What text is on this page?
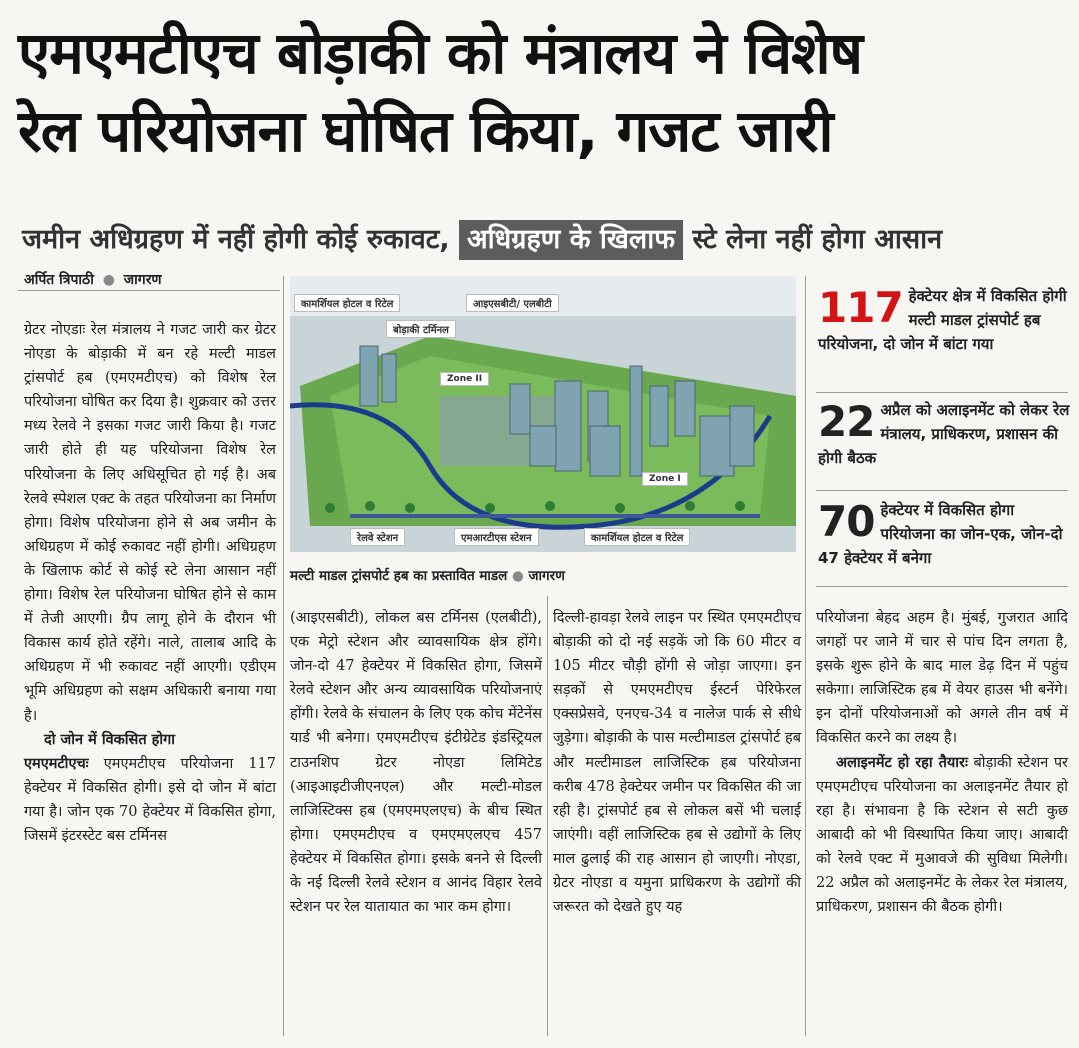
एमएमटीएच बोड़ाकी को मंत्रालय ने विशेष
रेल परियोजना घोषित किया, गजट जारी
जमीन अधिग्रहण में नहीं होगी कोई रुकावट, अधिग्रहण के खिलाफ स्टे लेना नहीं होगा आसान
अर्पित त्रिपाठी ● जागरण

ग्रेटर नोएडाः रेल मंत्रालय ने गजट जारी कर ग्रेटर नोएडा के बोड़ाकी में बन रहे मल्टी माडल ट्रांसपोर्ट हब (एमएमटीएच) को विशेष रेल परियोजना घोषित कर दिया है। शुक्रवार को उत्तर मध्य रेलवे ने इसका गजट जारी किया है। गजट जारी होते ही यह परियोजना विशेष रेल परियोजना के लिए अधिसूचित हो गई है। अब रेलवे स्पेशल एक्ट के तहत परियोजना का निर्माण होगा। विशेष परियोजना होने से अब जमीन के अधिग्रहण में कोई रुकावट नहीं होगी। अधिग्रहण के खिलाफ कोर्ट से कोई स्टे लेना आसान नहीं होगा। विशेष रेल परियोजना घोषित होने से काम में तेजी आएगी। ग्रैप लागू होने के दौरान भी विकास कार्य होते रहेंगे। नाले, तालाब आदि के अधिग्रहण में भी रुकावट नहीं आएगी। एडीएम भूमि अधिग्रहण को सक्षम अधिकारी बनाया गया है।

दो जोन में विकसित होगा

एमएमटीएचः एमएमटीएच परियोजना 117 हेक्टेयर में विकसित होगी। इसे दो जोन में बांटा गया है। जोन एक 70 हेक्टेयर में विकसित होगा, जिसमें इंटरस्टेट बस टर्मिनस

कामर्शियल होटल व रिटेल	आइएसबीटी/ एलबीटी
बोड़ाकी टर्मिनल
Zone II
Zone I
रेलवे स्टेशन	एमआरटीएस स्टेशन	कामर्शियल होटल व रिटेल
मल्टी माडल ट्रांसपोर्ट हब का प्रस्तावित माडल ● जागरण

(आइएसबीटी), लोकल बस टर्मिनस (एलबीटी), एक मेट्रो स्टेशन और व्यावसायिक क्षेत्र होंगे। जोन-दो 47 हेक्टेयर में विकसित होगा, जिसमें रेलवे स्टेशन और अन्य व्यावसायिक परियोजनाएं होंगी। रेलवे के संचालन के लिए एक कोच मेंटेनेंस यार्ड भी बनेगा। एमएमटीएच इंटीग्रेटेड इंडस्ट्रियल टाउनशिप ग्रेटर नोएडा लिमिटेड (आइआइटीजीएनएल) और मल्टी-मोडल लाजिस्टिक्स हब (एमएमएलएच) के बीच स्थित होगा। एमएमटीएच व एमएमएलएच 457 हेक्टेयर में विकसित होगा। इसके बनने से दिल्ली के नई दिल्ली रेलवे स्टेशन व आनंद विहार रेलवे स्टेशन पर रेल यातायात का भार कम होगा।

दिल्ली-हावड़ा रेलवे लाइन पर स्थित एमएमटीएच बोड़ाकी को दो नई सड़कें जो कि 60 मीटर व 105 मीटर चौड़ी होंगी से जोड़ा जाएगा। इन सड़कों से एमएमटीएच ईस्टर्न पेरिफेरल एक्सप्रेसवे, एनएच-34 व नालेज पार्क से सीधे जुड़ेगा। बोड़ाकी के पास मल्टीमाडल ट्रांसपोर्ट हब और मल्टीमाडल लाजिस्टिक हब परियोजना करीब 478 हेक्टेयर जमीन पर विकसित की जा रही है। ट्रांसपोर्ट हब से लोकल बसें भी चलाई जाएंगी। वहीं लाजिस्टिक हब से उद्योगों के लिए माल ढुलाई की राह आसान हो जाएगी। नोएडा, ग्रेटर नोएडा व यमुना प्राधिकरण के उद्योगों की जरूरत को देखते हुए यह

परियोजना बेहद अहम है। मुंबई, गुजरात आदि जगहों पर जाने में चार से पांच दिन लगता है, इसके शुरू होने के बाद माल डेढ़ दिन में पहुंच सकेगा। लाजिस्टिक हब में वेयर हाउस भी बनेंगे। इन दोनों परियोजनाओं को अगले तीन वर्ष में विकसित करने का लक्ष्य है।

अलाइनमेंट हो रहा तैयारः बोड़ाकी स्टेशन पर एमएमटीएच परियोजना का अलाइनमेंट तैयार हो रहा है। संभावना है कि स्टेशन से सटी कुछ आबादी को भी विस्थापित किया जाए। आबादी को रेलवे एक्ट में मुआवजे की सुविधा मिलेगी। 22 अप्रैल को अलाइनमेंट के लेकर रेल मंत्रालय, प्राधिकरण, प्रशासन की बैठक होगी।

117 हेक्टेयर क्षेत्र में विकसित होगी मल्टी माडल ट्रांसपोर्ट हब परियोजना, दो जोन में बांटा गया
22 अप्रैल को अलाइनमेंट को लेकर रेल मंत्रालय, प्राधिकरण, प्रशासन की होगी बैठक
70 हेक्टेयर में विकसित होगा परियोजना का जोन-एक, जोन-दो 47 हेक्टेयर में बनेगा
